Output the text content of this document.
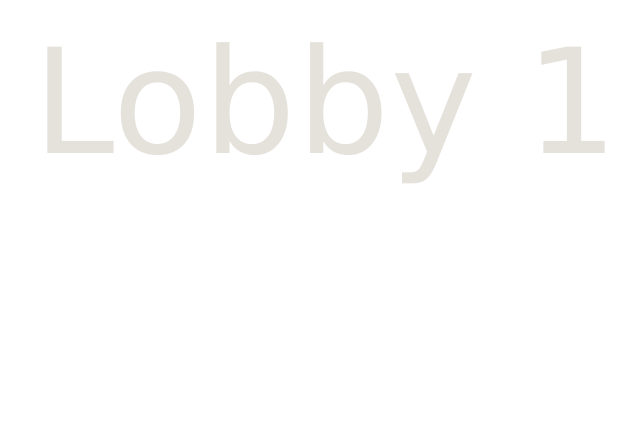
Lobby 1
